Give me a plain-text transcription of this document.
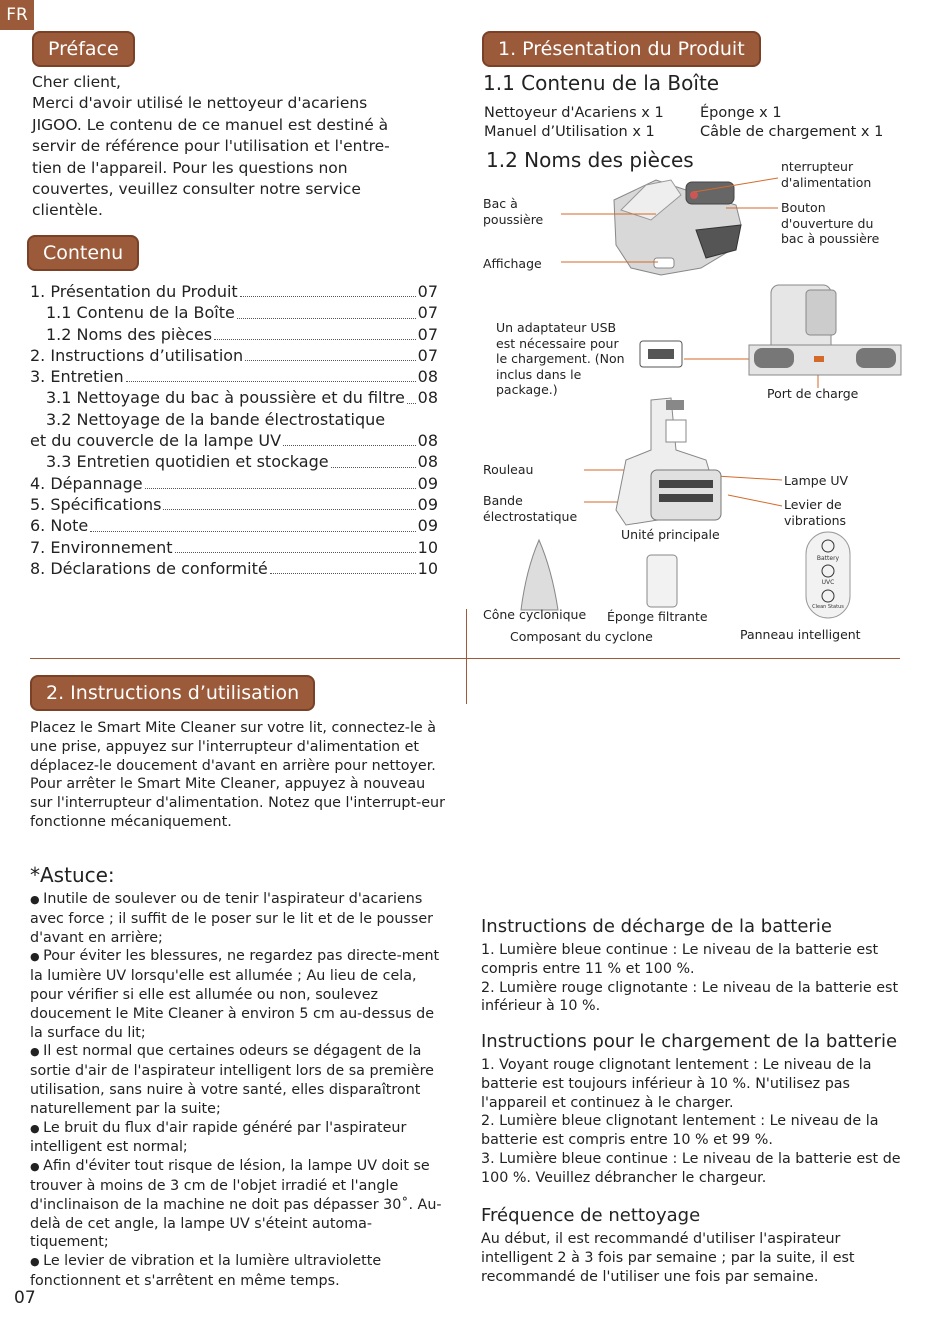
FR
Préface
Cher client,
Merci d'avoir utilisé le nettoyeur d'acariens
JIGOO. Le contenu de ce manuel est destiné à
servir de référence pour l'utilisation et l'entre-
tien de l'appareil. Pour les questions non
couvertes, veuillez consulter notre service
clientèle.
Contenu
1. Présentation du Produit	07
1.1 Contenu de la Boîte	07
1.2 Noms des pièces	07
2. Instructions d’utilisation	07
3. Entretien	08
3.1 Nettoyage du bac à poussière et du filtre 08
3.2 Nettoyage de la bande électrostatique
et du couvercle de la lampe UV	08
3.3 Entretien quotidien et stockage	08
4. Dépannage	09
5. Spécifications	09
6. Note	09
7. Environnement	10
8. Déclarations de conformité	10
1. Présentation du Produit
1.1 Contenu de la Boîte
Nettoyeur d'Acariens x 1	Éponge x 1
Manuel d’Utilisation x 1	Câble de chargement x 1
1.2 Noms des pièces
Battery
UVC
Clean Status
Bac à
poussière
Affichage
nterrupteur
d'alimentation
Bouton
d'ouverture du
bac à poussière
Un adaptateur USB
est nécessaire pour
le chargement. (Non
inclus dans le
package.)	Port de charge
Rouleau
Bande
électrostatique
Lampe UV
Levier de
vibrations
Unité principale
Cône cyclonique Éponge filtrante
Composant du cyclone	Panneau intelligent
2. Instructions d’utilisation
Placez le Smart Mite Cleaner sur votre lit, connectez-le à une prise, appuyez sur l'interrupteur d'alimentation et déplacez-le doucement d'avant en arrière pour nettoyer.
Pour arrêter le Smart Mite Cleaner, appuyez à nouveau sur l'interrupteur d'alimentation. Notez que l'interrupt-eur fonctionne mécaniquement.
*Astuce:
● Inutile de soulever ou de tenir l'aspirateur d'acariens avec force ; il suffit de le poser sur le lit et de le pousser d'avant en arrière;
● Pour éviter les blessures, ne regardez pas directe-ment la lumière UV lorsqu'elle est allumée ; Au lieu de cela, pour vérifier si elle est allumée ou non, soulevez doucement le Mite Cleaner à environ 5 cm au-dessus de la surface du lit;
● Il est normal que certaines odeurs se dégagent de la sortie d'air de l'aspirateur intelligent lors de sa première utilisation, sans nuire à votre santé, elles disparaîtront naturellement par la suite;
● Le bruit du flux d'air rapide généré par l'aspirateur intelligent est normal;
● Afin d'éviter tout risque de lésion, la lampe UV doit se trouver à moins de 3 cm de l'objet irradié et l'angle d'inclinaison de la machine ne doit pas dépasser 30˚. Au-delà de cet angle, la lampe UV s'éteint automa-tiquement;
● Le levier de vibration et la lumière ultraviolette fonctionnent et s'arrêtent en même temps.
Instructions de décharge de la batterie
1. Lumière bleue continue : Le niveau de la batterie est compris entre 11 % et 100 %.
2. Lumière rouge clignotante : Le niveau de la batterie est inférieur à 10 %.
Instructions pour le chargement de la batterie
1. Voyant rouge clignotant lentement : Le niveau de la batterie est toujours inférieur à 10 %. N'utilisez pas l'appareil et continuez à le charger.
2. Lumière bleue clignotant lentement : Le niveau de la batterie est compris entre 10 % et 99 %.
3. Lumière bleue continue : Le niveau de la batterie est de 100 %. Veuillez débrancher le chargeur.
Fréquence de nettoyage
Au début, il est recommandé d'utiliser l'aspirateur intelligent 2 à 3 fois par semaine ; par la suite, il est recommandé de l'utiliser une fois par semaine.
07
